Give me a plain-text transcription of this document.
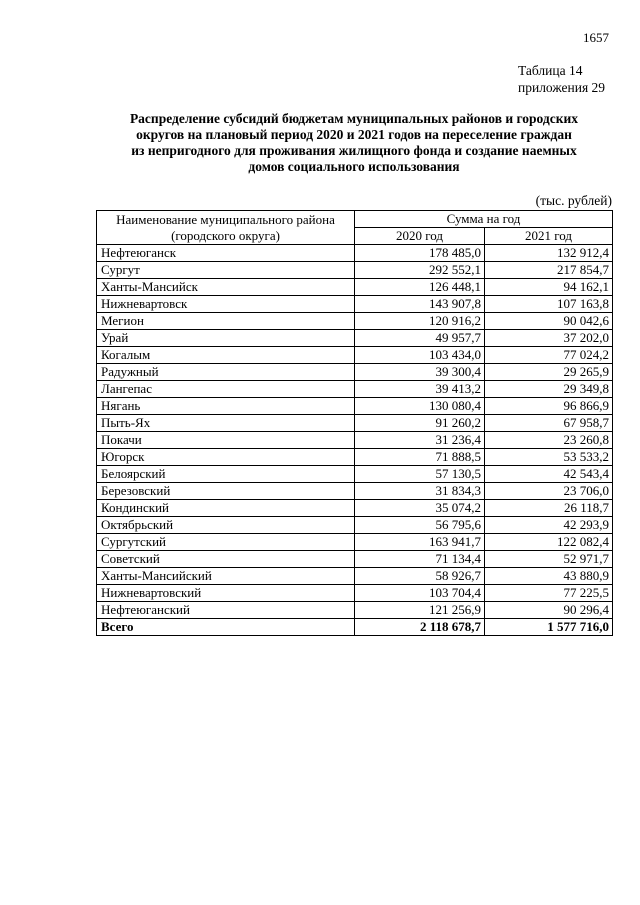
1657
Таблица 14
приложения 29
Распределение субсидий бюджетам муниципальных районов и городских
округов на плановый период 2020 и 2021 годов на переселение граждан
из непригодного для проживания жилищного фонда и создание наемных
домов социального использования
(тыс. рублей)
Наименование муниципального района
(городского округа)	Сумма на год	
	2020 год	2021 год
Нефтеюганск	178 485,0	132 912,4
Сургут	292 552,1	217 854,7
Ханты-Мансийск	126 448,1	94 162,1
Нижневартовск	143 907,8	107 163,8
Мегион	120 916,2	90 042,6
Урай	49 957,7	37 202,0
Когалым	103 434,0	77 024,2
Радужный	39 300,4	29 265,9
Лангепас	39 413,2	29 349,8
Нягань	130 080,4	96 866,9
Пыть-Ях	91 260,2	67 958,7
Покачи	31 236,4	23 260,8
Югорск	71 888,5	53 533,2
Белоярский	57 130,5	42 543,4
Березовский	31 834,3	23 706,0
Кондинский	35 074,2	26 118,7
Октябрьский	56 795,6	42 293,9
Сургутский	163 941,7	122 082,4
Советский	71 134,4	52 971,7
Ханты-Мансийский	58 926,7	43 880,9
Нижневартовский	103 704,4	77 225,5
Нефтеюганский	121 256,9	90 296,4
Всего	2 118 678,7	1 577 716,0
